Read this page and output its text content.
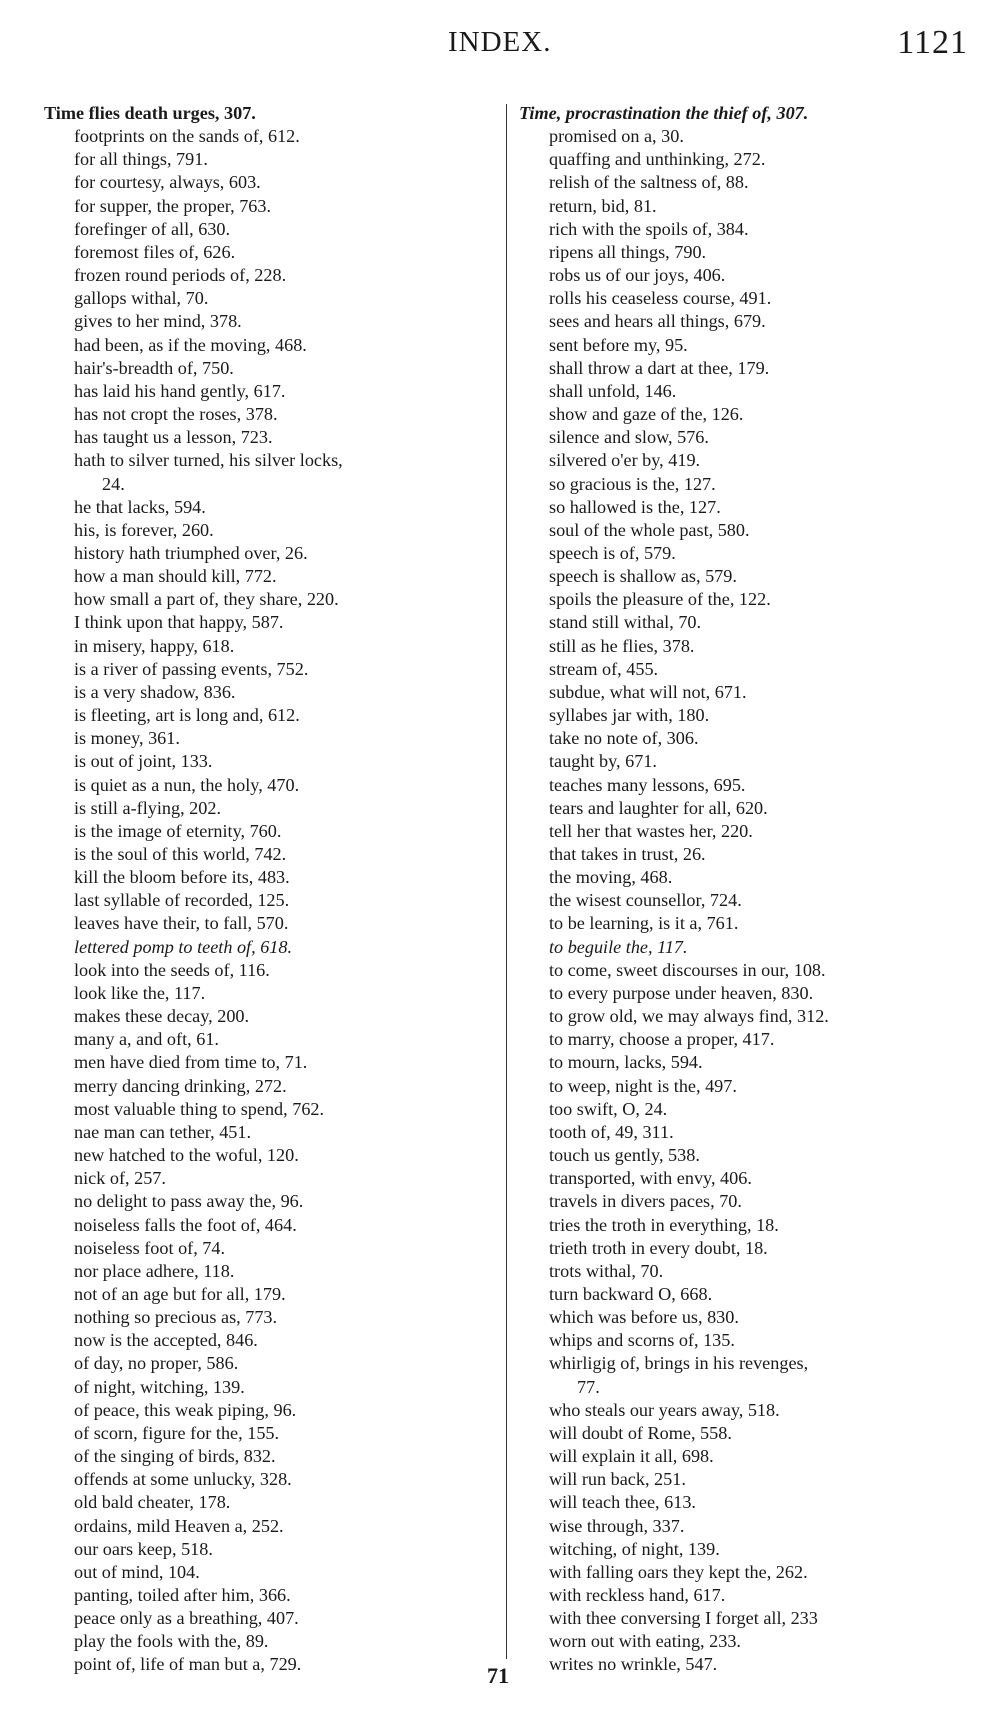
INDEX.	1121
Time flies death urges, 307.
footprints on the sands of, 612.
for all things, 791.
for courtesy, always, 603.
for supper, the proper, 763.
forefinger of all, 630.
foremost files of, 626.
frozen round periods of, 228.
gallops withal, 70.
gives to her mind, 378.
had been, as if the moving, 468.
hair's-breadth of, 750.
has laid his hand gently, 617.
has not cropt the roses, 378.
has taught us a lesson, 723.
hath to silver turned, his silver locks,
24.
he that lacks, 594.
his, is forever, 260.
history hath triumphed over, 26.
how a man should kill, 772.
how small a part of, they share, 220.
I think upon that happy, 587.
in misery, happy, 618.
is a river of passing events, 752.
is a very shadow, 836.
is fleeting, art is long and, 612.
is money, 361.
is out of joint, 133.
is quiet as a nun, the holy, 470.
is still a-flying, 202.
is the image of eternity, 760.
is the soul of this world, 742.
kill the bloom before its, 483.
last syllable of recorded, 125.
leaves have their, to fall, 570.
lettered pomp to teeth of, 618.
look into the seeds of, 116.
look like the, 117.
makes these decay, 200.
many a, and oft, 61.
men have died from time to, 71.
merry dancing drinking, 272.
most valuable thing to spend, 762.
nae man can tether, 451.
new hatched to the woful, 120.
nick of, 257.
no delight to pass away the, 96.
noiseless falls the foot of, 464.
noiseless foot of, 74.
nor place adhere, 118.
not of an age but for all, 179.
nothing so precious as, 773.
now is the accepted, 846.
of day, no proper, 586.
of night, witching, 139.
of peace, this weak piping, 96.
of scorn, figure for the, 155.
of the singing of birds, 832.
offends at some unlucky, 328.
old bald cheater, 178.
ordains, mild Heaven a, 252.
our oars keep, 518.
out of mind, 104.
panting, toiled after him, 366.
peace only as a breathing, 407.
play the fools with the, 89.
point of, life of man but a, 729.
Time, procrastination the thief of, 307.
promised on a, 30.
quaffing and unthinking, 272.
relish of the saltness of, 88.
return, bid, 81.
rich with the spoils of, 384.
ripens all things, 790.
robs us of our joys, 406.
rolls his ceaseless course, 491.
sees and hears all things, 679.
sent before my, 95.
shall throw a dart at thee, 179.
shall unfold, 146.
show and gaze of the, 126.
silence and slow, 576.
silvered o'er by, 419.
so gracious is the, 127.
so hallowed is the, 127.
soul of the whole past, 580.
speech is of, 579.
speech is shallow as, 579.
spoils the pleasure of the, 122.
stand still withal, 70.
still as he flies, 378.
stream of, 455.
subdue, what will not, 671.
syllabes jar with, 180.
take no note of, 306.
taught by, 671.
teaches many lessons, 695.
tears and laughter for all, 620.
tell her that wastes her, 220.
that takes in trust, 26.
the moving, 468.
the wisest counsellor, 724.
to be learning, is it a, 761.
to beguile the, 117.
to come, sweet discourses in our, 108.
to every purpose under heaven, 830.
to grow old, we may always find, 312.
to marry, choose a proper, 417.
to mourn, lacks, 594.
to weep, night is the, 497.
too swift, O, 24.
tooth of, 49, 311.
touch us gently, 538.
transported, with envy, 406.
travels in divers paces, 70.
tries the troth in everything, 18.
trieth troth in every doubt, 18.
trots withal, 70.
turn backward O, 668.
which was before us, 830.
whips and scorns of, 135.
whirligig of, brings in his revenges,
77.
who steals our years away, 518.
will doubt of Rome, 558.
will explain it all, 698.
will run back, 251.
will teach thee, 613.
wise through, 337.
witching, of night, 139.
with falling oars they kept the, 262.
with reckless hand, 617.
with thee conversing I forget all, 233
worn out with eating, 233.
writes no wrinkle, 547.
71
